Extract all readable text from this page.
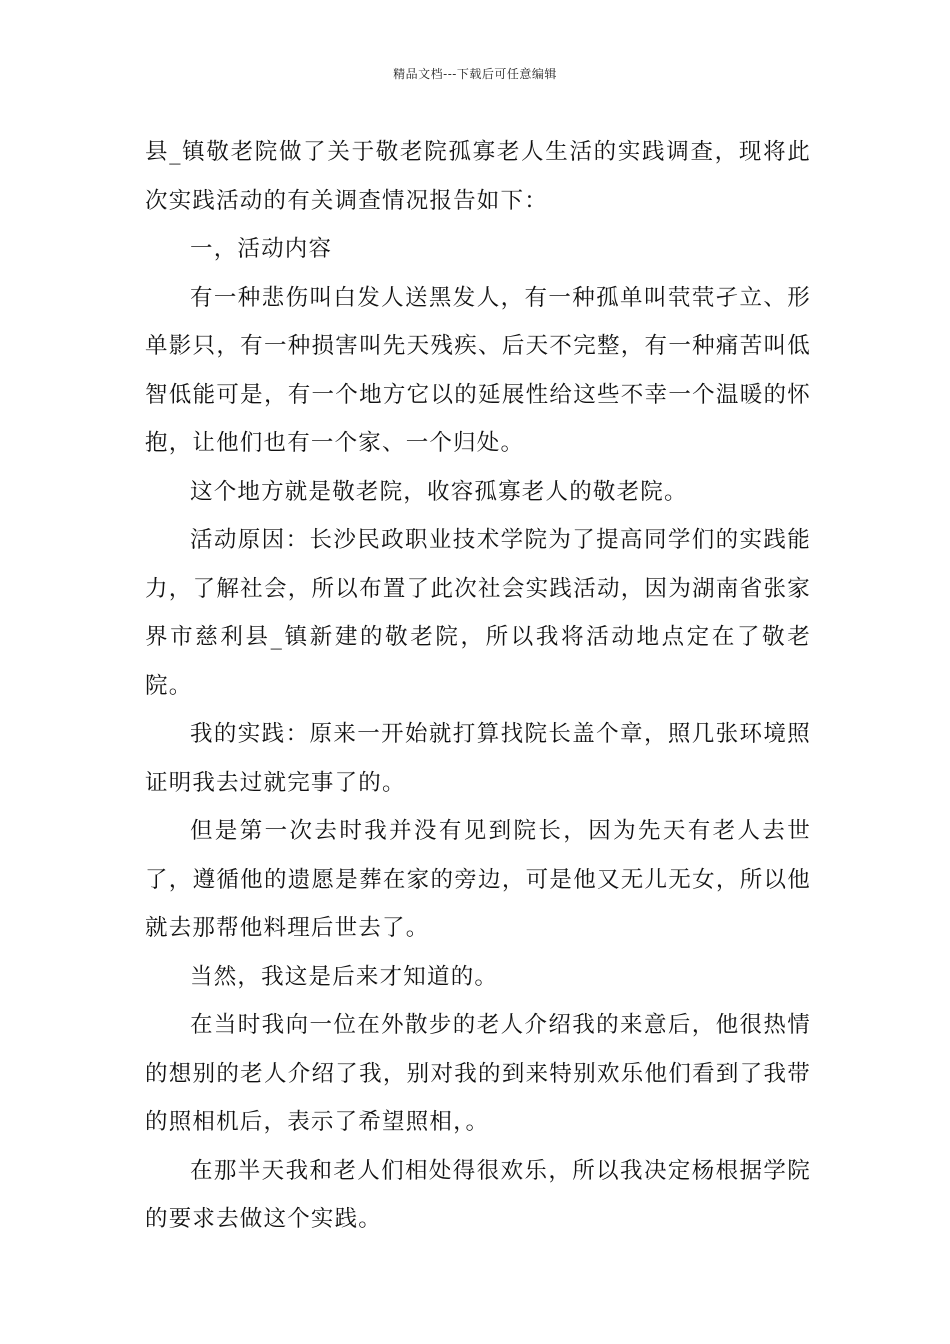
精品文档---下载后可任意编辑

县_镇敬老院做了关于敬老院孤寡老人生活的实践调查，现将此次实践活动的有关调查情况报告如下：

一，活动内容

有一种悲伤叫白发人送黑发人，有一种孤单叫茕茕孑立、形单影只，有一种损害叫先天残疾、后天不完整，有一种痛苦叫低智低能可是，有一个地方它以的延展性给这些不幸一个温暖的怀抱，让他们也有一个家、一个归处。

这个地方就是敬老院，收容孤寡老人的敬老院。

活动原因：长沙民政职业技术学院为了提高同学们的实践能力，了解社会，所以布置了此次社会实践活动，因为湖南省张家界市慈利县_镇新建的敬老院，所以我将活动地点定在了敬老院。

我的实践：原来一开始就打算找院长盖个章，照几张环境照证明我去过就完事了的。

但是第一次去时我并没有见到院长，因为先天有老人去世了，遵循他的遗愿是葬在家的旁边，可是他又无儿无女，所以他就去那帮他料理后世去了。

当然，我这是后来才知道的。

在当时我向一位在外散步的老人介绍我的来意后，他很热情的想别的老人介绍了我，别对我的到来特别欢乐他们看到了我带的照相机后，表示了希望照相，。

在那半天我和老人们相处得很欢乐，所以我决定杨根据学院的要求去做这个实践。
